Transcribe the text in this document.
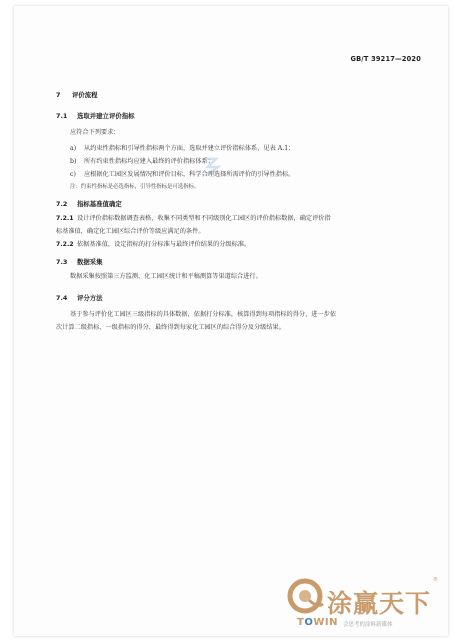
GB/T 39217—2020
7 评价流程
7.1 选取并建立评价指标
应符合下列要求：
a) 从约束性指标和引导性指标两个方面，选取并建立评价指标体系，见表 A.1；
b) 所有约束性指标均应建入最终的评价指标体系；
c) 应根据化工园区发展情况和评价目标，科学合理选择所需评价的引导性指标。
注：约束性指标是必选指标，引导性指标是可选指标。
7.2 指标基准值确定
7.2.1 设计评价指标数据调查表格，收集不同类型和不同级别化工园区的评价指标数据，确定评价指
标基准值，确定化工园区综合评价等级应满足的条件。
7.2.2 依据基准值，设定指标的打分标准与最终评价结果的分级标准。
7.3 数据采集
数据采集按照第三方监测、化工园区统计和平稿测算等渠道综合进行。
7.4 评分方法
基于参与评价化工园区三级指标的具体数据，依据打分标准，核算得到每项指标的得分，进一步依
次计算二级指标、一级指标的得分，最终得到每家化工园区的综合得分及分级结果。
涂赢天下
®
TOWIN 会思考的涂料新媒体
